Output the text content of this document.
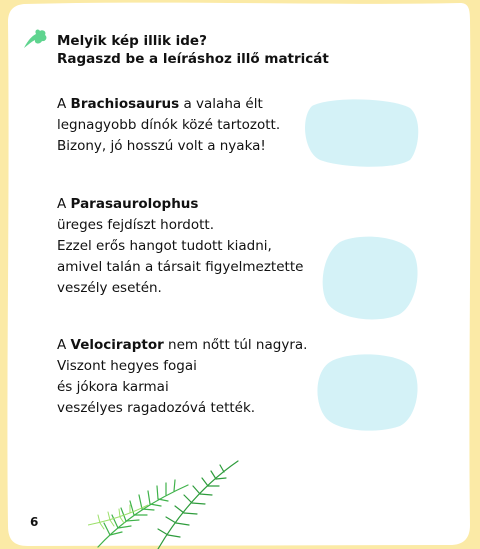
Melyik kép illik ide?
Ragaszd be a leíráshoz illő matricát
A Brachiosaurus a valaha élt
legnagyobb dínók közé tartozott.
Bizony, jó hosszú volt a nyaka!
A Parasaurolophus
üreges fejdíszt hordott.
Ezzel erős hangot tudott kiadni,
amivel talán a társait figyelmeztette
veszély esetén.
A Velociraptor nem nőtt túl nagyra.
Viszont hegyes fogai
és jókora karmai
veszélyes ragadozóvá tették.
6
